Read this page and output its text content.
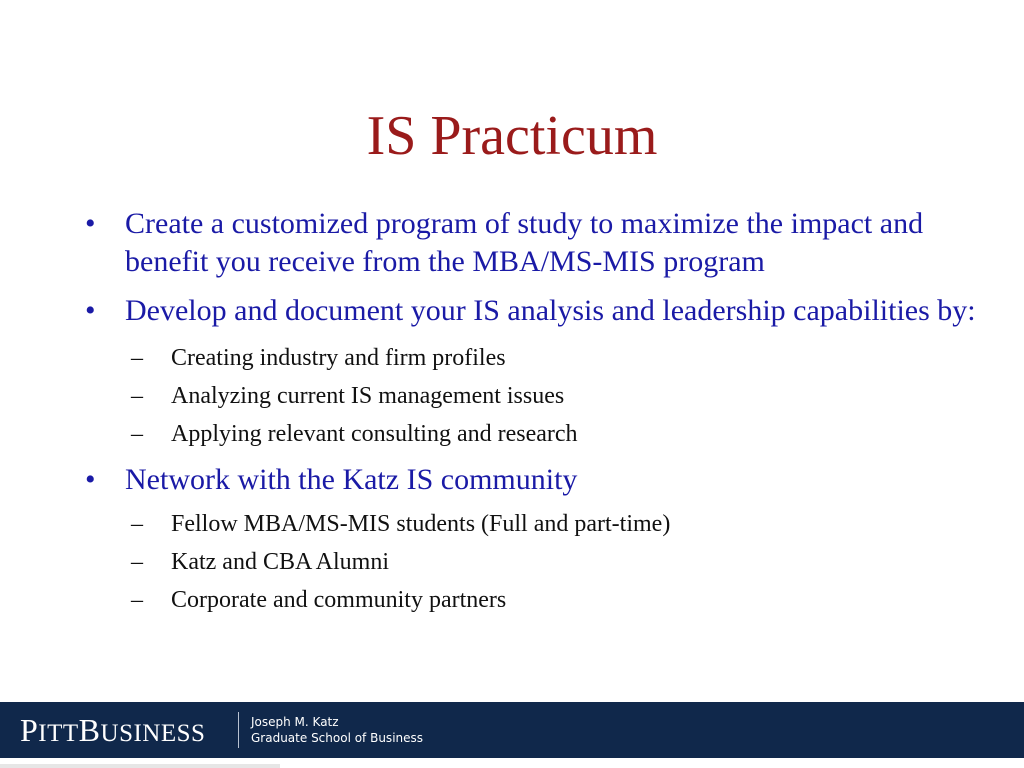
IS Practicum
• Create a customized program of study to maximize the impact and benefit you receive from the MBA/MS-MIS program
• Develop and document your IS analysis and leadership capabilities by:
–	Creating industry and firm profiles
–	Analyzing current IS management issues
–	Applying relevant consulting and research
• Network with the Katz IS community
–	Fellow MBA/MS-MIS students (Full and part-time)
–	Katz and CBA Alumni
–	Corporate and community partners
PITTBUSINESS	Joseph M. Katz
Graduate School of Business
